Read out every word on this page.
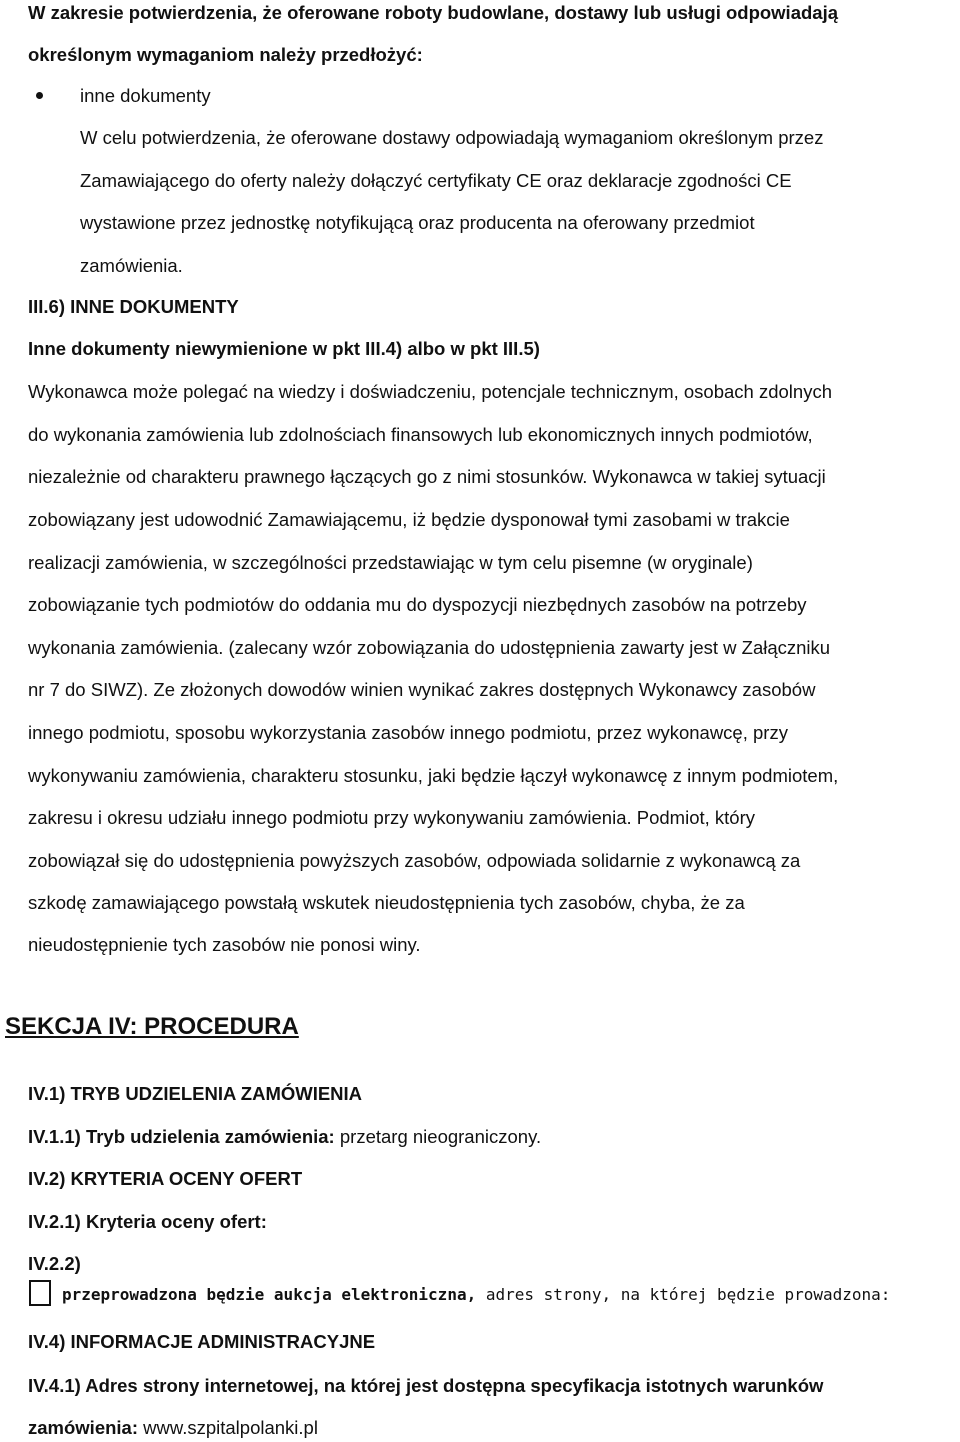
W zakresie potwierdzenia, że oferowane roboty budowlane, dostawy lub usługi odpowiadają
określonym wymaganiom należy przedłożyć:
inne dokumenty
W celu potwierdzenia, że oferowane dostawy odpowiadają wymaganiom określonym przez
Zamawiającego do oferty należy dołączyć certyfikaty CE oraz deklaracje zgodności CE
wystawione przez jednostkę notyfikującą oraz producenta na oferowany przedmiot
zamówienia.
III.6) INNE DOKUMENTY
Inne dokumenty niewymienione w pkt III.4) albo w pkt III.5)
Wykonawca może polegać na wiedzy i doświadczeniu, potencjale technicznym, osobach zdolnych
do wykonania zamówienia lub zdolnościach finansowych lub ekonomicznych innych podmiotów,
niezależnie od charakteru prawnego łączących go z nimi stosunków. Wykonawca w takiej sytuacji
zobowiązany jest udowodnić Zamawiającemu, iż będzie dysponował tymi zasobami w trakcie
realizacji zamówienia, w szczególności przedstawiając w tym celu pisemne (w oryginale)
zobowiązanie tych podmiotów do oddania mu do dyspozycji niezbędnych zasobów na potrzeby
wykonania zamówienia. (zalecany wzór zobowiązania do udostępnienia zawarty jest w Załączniku
nr 7 do SIWZ). Ze złożonych dowodów winien wynikać zakres dostępnych Wykonawcy zasobów
innego podmiotu, sposobu wykorzystania zasobów innego podmiotu, przez wykonawcę, przy
wykonywaniu zamówienia, charakteru stosunku, jaki będzie łączył wykonawcę z innym podmiotem,
zakresu i okresu udziału innego podmiotu przy wykonywaniu zamówienia. Podmiot, który
zobowiązał się do udostępnienia powyższych zasobów, odpowiada solidarnie z wykonawcą za
szkodę zamawiającego powstałą wskutek nieudostępnienia tych zasobów, chyba, że za
nieudostępnienie tych zasobów nie ponosi winy.
SEKCJA IV: PROCEDURA
IV.1) TRYB UDZIELENIA ZAMÓWIENIA
IV.1.1) Tryb udzielenia zamówienia: przetarg nieograniczony.
IV.2) KRYTERIA OCENY OFERT
IV.2.1) Kryteria oceny ofert:
IV.2.2)
przeprowadzona będzie aukcja elektroniczna, adres strony, na której będzie prowadzona:
IV.4) INFORMACJE ADMINISTRACYJNE
IV.4.1) Adres strony internetowej, na której jest dostępna specyfikacja istotnych warunków
zamówienia: www.szpitalpolanki.pl
